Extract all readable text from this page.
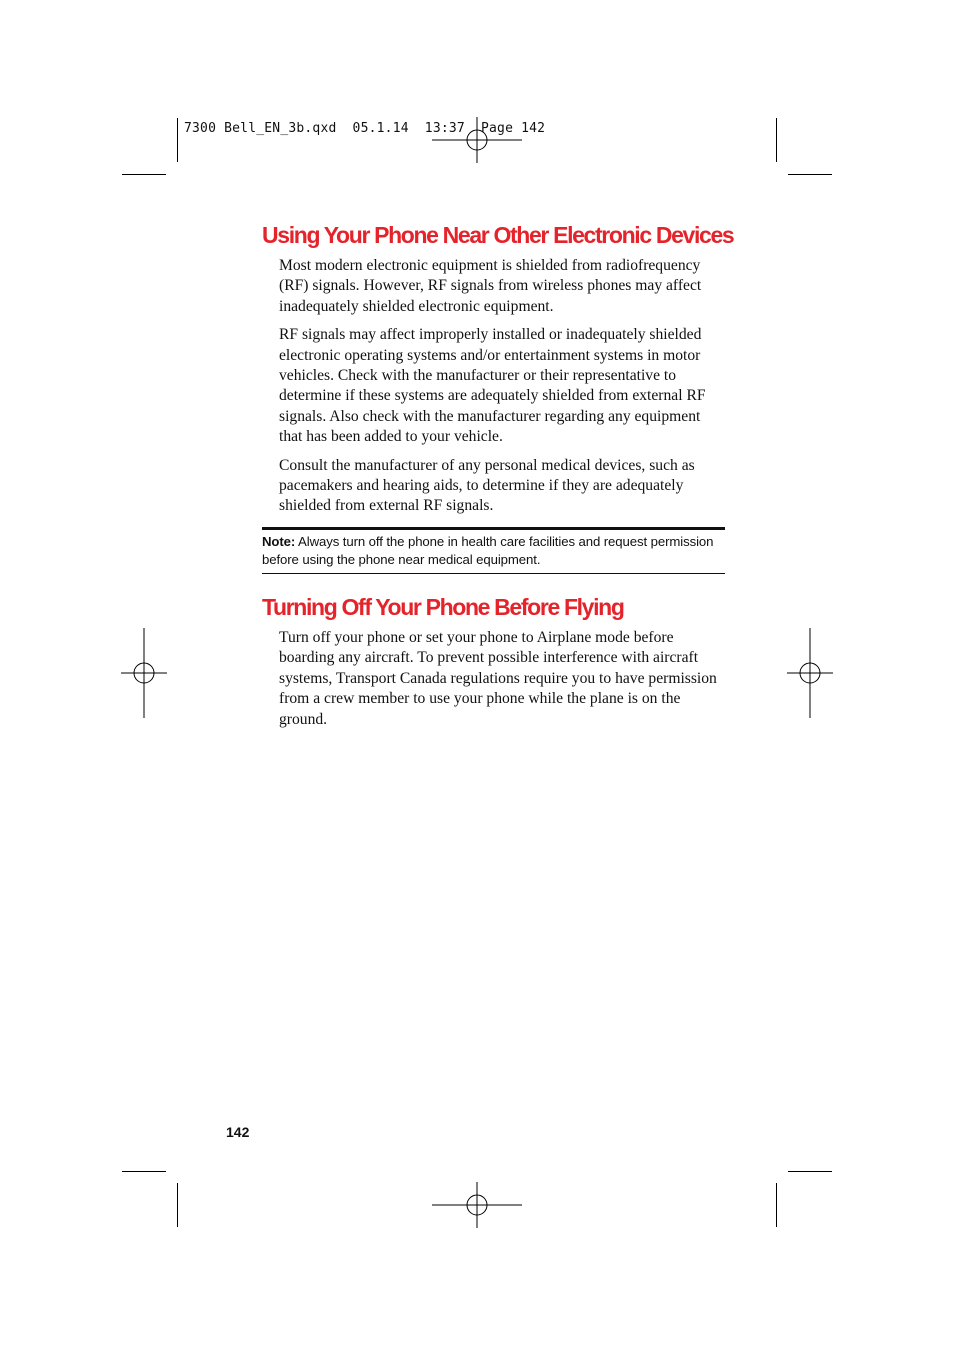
7300 Bell_EN_3b.qxd  05.1.14  13:37  Page 142
Using Your Phone Near Other Electronic Devices

Most modern electronic equipment is shielded from radiofrequency (RF) signals. However, RF signals from wireless phones may affect inadequately shielded electronic equipment.

RF signals may affect improperly installed or inadequately shielded electronic operating systems and/or entertainment systems in motor vehicles. Check with the manufacturer or their representative to determine if these systems are adequately shielded from external RF signals. Also check with the manufacturer regarding any equipment that has been added to your vehicle.

Consult the manufacturer of any personal medical devices, such as pacemakers and hearing aids, to determine if they are adequately shielded from external RF signals.

Note: Always turn off the phone in health care facilities and request permission before using the phone near medical equipment.
Turning Off Your Phone Before Flying

Turn off your phone or set your phone to Airplane mode before boarding any aircraft. To prevent possible interference with aircraft systems, Transport Canada regulations require you to have permission from a crew member to use your phone while the plane is on the ground.

142
